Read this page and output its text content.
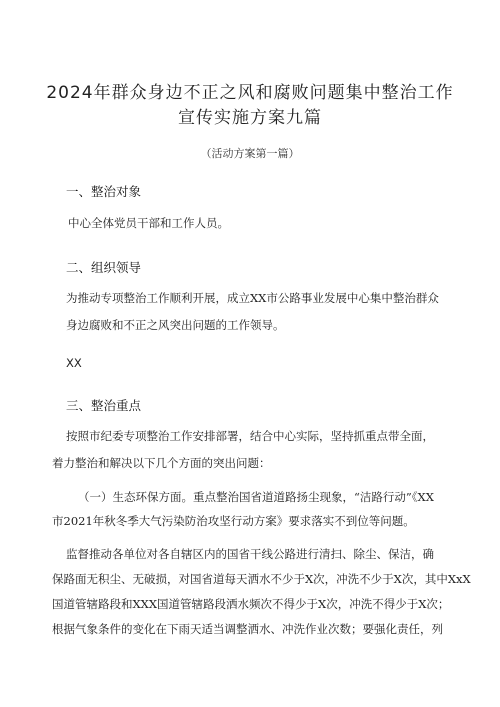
2024年群众身边不正之风和腐败问题集中整治工作
宣传实施方案九篇
（活动方案第一篇）
一、整治对象
中心全体党员干部和工作人员。
二、组织领导
为推动专项整治工作顺利开展，成立XX市公路事业发展中心集中整治群众
身边腐败和不正之风突出问题的工作领导。
XX
三、整治重点
按照市纪委专项整治工作安排部署，结合中心实际，坚持抓重点带全面，
着力整治和解决以下几个方面的突出问题：
（一）生态环保方面。重点整治国省道道路扬尘现象，“洁路行动”《XX
市2021年秋冬季大气污染防治攻坚行动方案》要求落实不到位等问题。
监督推动各单位对各自辖区内的国省干线公路进行清扫、除尘、保洁，确
保路面无积尘、无破损，对国省道每天洒水不少于X次，冲洗不少于X次，其中XxX
国道管辖路段和XXX国道管辖路段洒水频次不得少于X次，冲洗不得少于X次；
根据气象条件的变化在下雨天适当调整洒水、冲洗作业次数；要强化责任，列
